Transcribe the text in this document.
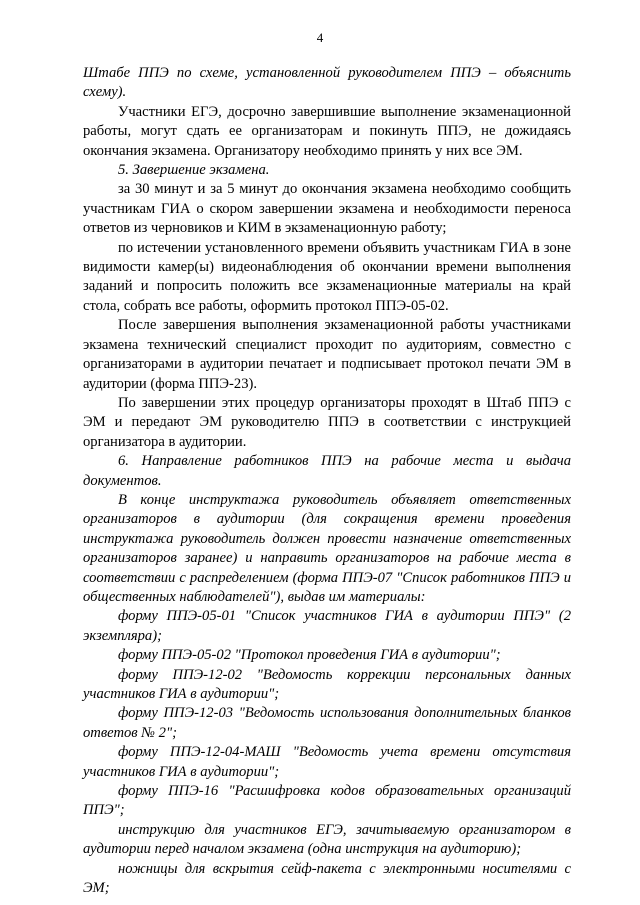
4

Штабе ППЭ по схеме, установленной руководителем ППЭ – объяснить схему).

Участники ЕГЭ, досрочно завершившие выполнение экзаменационной работы, могут сдать ее организаторам и покинуть ППЭ, не дожидаясь окончания экзамена. Организатору необходимо принять у них все ЭМ.

5. Завершение экзамена.

за 30 минут и за 5 минут до окончания экзамена необходимо сообщить участникам ГИА о скором завершении экзамена и необходимости переноса ответов из черновиков и КИМ в экзаменационную работу;

по истечении установленного времени объявить участникам ГИА в зоне видимости камер(ы) видеонаблюдения об окончании времени выполнения заданий и попросить положить все экзаменационные материалы на край стола, собрать все работы, оформить протокол ППЭ-05-02.

После завершения выполнения экзаменационной работы участниками экзамена технический специалист проходит по аудиториям, совместно с организаторами в аудитории печатает и подписывает протокол печати ЭМ в аудитории (форма ППЭ-23).

По завершении этих процедур организаторы проходят в Штаб ППЭ с ЭМ и передают ЭМ руководителю ППЭ в соответствии с инструкцией организатора в аудитории.

6. Направление работников ППЭ на рабочие места и выдача документов.

В конце инструктажа руководитель объявляет ответственных организаторов в аудитории (для сокращения времени проведения инструктажа руководитель должен провести назначение ответственных организаторов заранее) и направить организаторов на рабочие места в соответствии с распределением (форма ППЭ-07 "Список работников ППЭ и общественных наблюдателей"), выдав им материалы:

форму ППЭ-05-01 "Список участников ГИА в аудитории ППЭ" (2 экземпляра);

форму ППЭ-05-02 "Протокол проведения ГИА в аудитории";

форму ППЭ-12-02 "Ведомость коррекции персональных данных участников ГИА в аудитории";

форму ППЭ-12-03 "Ведомость использования дополнительных бланков ответов № 2";

форму ППЭ-12-04-МАШ "Ведомость учета времени отсутствия участников ГИА в аудитории";

форму ППЭ-16 "Расшифровка кодов образовательных организаций ППЭ";

инструкцию для участников ЕГЭ, зачитываемую организатором в аудитории перед началом экзамена (одна инструкция на аудиторию);

ножницы для вскрытия сейф-пакета с электронными носителями с ЭМ;
